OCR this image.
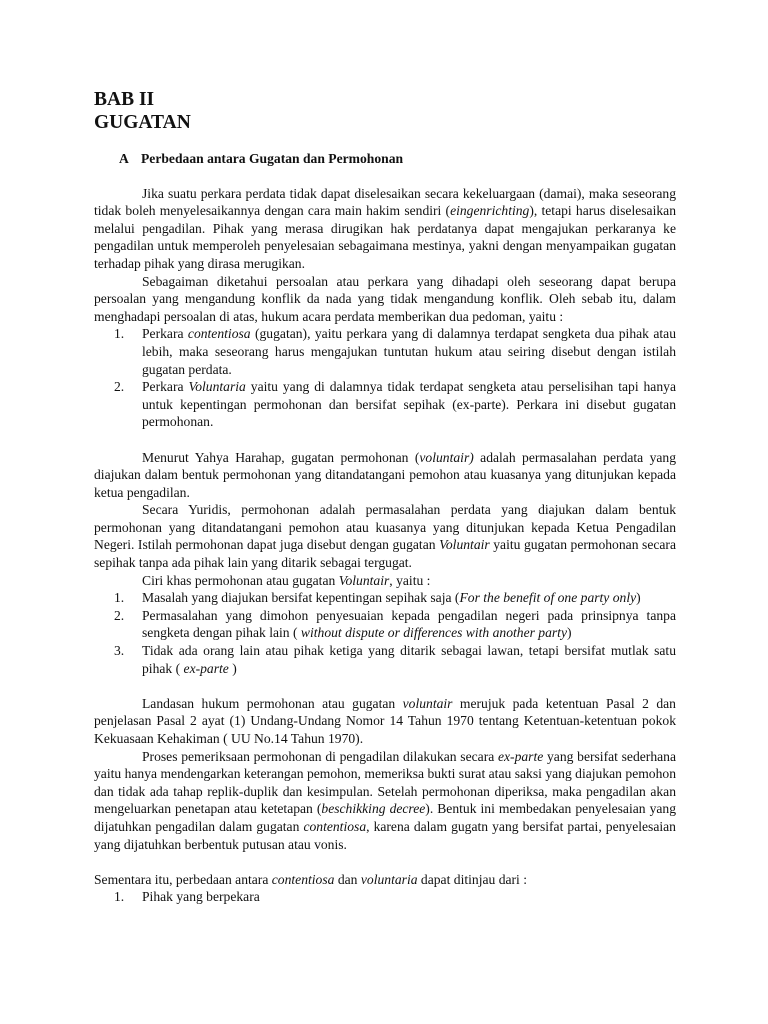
BAB II
GUGATAN
A Perbedaan antara Gugatan dan Permohonan

Jika suatu perkara perdata tidak dapat diselesaikan secara kekeluargaan (damai), maka seseorang tidak boleh menyelesaikannya dengan cara main hakim sendiri (eingenrichting), tetapi harus diselesaikan melalui pengadilan. Pihak yang merasa dirugikan hak perdatanya dapat mengajukan perkaranya ke pengadilan untuk memperoleh penyelesaian sebagaimana mestinya, yakni dengan menyampaikan gugatan terhadap pihak yang dirasa merugikan.

Sebagaiman diketahui persoalan atau perkara yang dihadapi oleh seseorang dapat berupa persoalan yang mengandung konflik da nada yang tidak mengandung konflik. Oleh sebab itu, dalam menghadapi persoalan di atas, hukum acara perdata memberikan dua pedoman, yaitu :

1. Perkara contentiosa (gugatan), yaitu perkara yang di dalamnya terdapat sengketa dua pihak atau lebih, maka seseorang harus mengajukan tuntutan hukum atau seiring disebut dengan istilah gugatan perdata.
2. Perkara Voluntaria yaitu yang di dalamnya tidak terdapat sengketa atau perselisihan tapi hanya untuk kepentingan permohonan dan bersifat sepihak (ex-parte). Perkara ini disebut gugatan permohonan.

Menurut Yahya Harahap, gugatan permohonan (voluntair) adalah permasalahan perdata yang diajukan dalam bentuk permohonan yang ditandatangani pemohon atau kuasanya yang ditunjukan kepada ketua pengadilan.

Secara Yuridis, permohonan adalah permasalahan perdata yang diajukan dalam bentuk permohonan yang ditandatangani pemohon atau kuasanya yang ditunjukan kepada Ketua Pengadilan Negeri. Istilah permohonan dapat juga disebut dengan gugatan Voluntair yaitu gugatan permohonan secara sepihak tanpa ada pihak lain yang ditarik sebagai tergugat.

Ciri khas permohonan atau gugatan Voluntair, yaitu :

1. Masalah yang diajukan bersifat kepentingan sepihak saja (For the benefit of one party only)
2. Permasalahan yang dimohon penyesuaian kepada pengadilan negeri pada prinsipnya tanpa sengketa dengan pihak lain ( without dispute or differences with another party)
3. Tidak ada orang lain atau pihak ketiga yang ditarik sebagai lawan, tetapi bersifat mutlak satu pihak ( ex-parte )

Landasan hukum permohonan atau gugatan voluntair merujuk pada ketentuan Pasal 2 dan penjelasan Pasal 2 ayat (1) Undang-Undang Nomor 14 Tahun 1970 tentang Ketentuan-ketentuan pokok Kekuasaan Kehakiman ( UU No.14 Tahun 1970).

Proses pemeriksaan permohonan di pengadilan dilakukan secara ex-parte yang bersifat sederhana yaitu hanya mendengarkan keterangan pemohon, memeriksa bukti surat atau saksi yang diajukan pemohon dan tidak ada tahap replik-duplik dan kesimpulan. Setelah permohonan diperiksa, maka pengadilan akan mengeluarkan penetapan atau ketetapan (beschikking decree). Bentuk ini membedakan penyelesaian yang dijatuhkan pengadilan dalam gugatan contentiosa, karena dalam gugatn yang bersifat partai, penyelesaian yang dijatuhkan berbentuk putusan atau vonis.

Sementara itu, perbedaan antara contentiosa dan voluntaria dapat ditinjau dari :

1. Pihak yang berpekara
